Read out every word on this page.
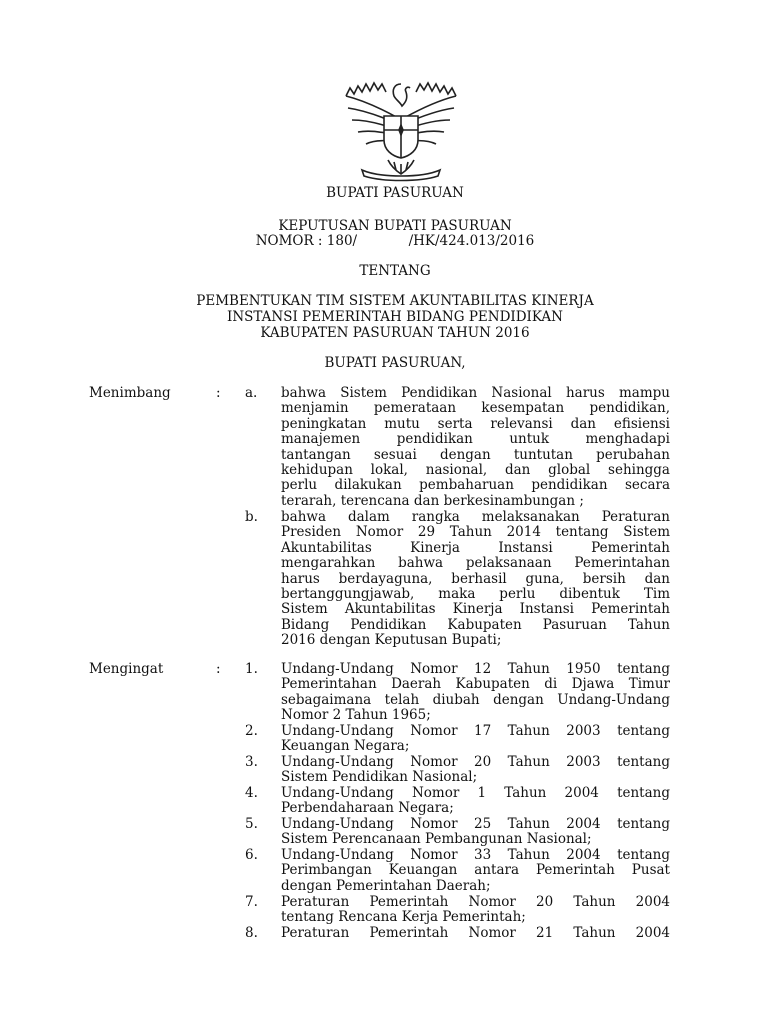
BUPATI PASURUAN
KEPUTUSAN BUPATI PASURUAN
NOMOR : 180/            /HK/424.013/2016
TENTANG
PEMBENTUKAN TIM SISTEM AKUNTABILITAS KINERJA
INSTANSI PEMERINTAH BIDANG PENDIDIKAN
KABUPATEN PASURUAN TAHUN 2016
BUPATI PASURUAN,
Menimbang	: a. bahwa Sistem Pendidikan Nasional harus mampu
menjamin pemerataan kesempatan pendidikan,
peningkatan mutu serta relevansi dan efisiensi
manajemen pendidikan untuk menghadapi
tantangan sesuai dengan tuntutan perubahan
kehidupan lokal, nasional, dan global sehingga
perlu dilakukan pembaharuan pendidikan secara
terarah, terencana dan berkesinambungan ;
b. bahwa dalam rangka melaksanakan Peraturan
Presiden Nomor 29 Tahun 2014 tentang Sistem
Akuntabilitas Kinerja Instansi Pemerintah
mengarahkan bahwa pelaksanaan Pemerintahan
harus berdayaguna, berhasil guna, bersih dan
bertanggungjawab, maka perlu dibentuk Tim
Sistem Akuntabilitas Kinerja Instansi Pemerintah
Bidang Pendidikan Kabupaten Pasuruan Tahun
2016 dengan Keputusan Bupati;
Mengingat	: 1. Undang-Undang Nomor 12 Tahun 1950 tentang
Pemerintahan Daerah Kabupaten di Djawa Timur
sebagaimana telah diubah dengan Undang-Undang
Nomor 2 Tahun 1965;
2. Undang-Undang Nomor 17 Tahun 2003 tentang
Keuangan Negara;
3. Undang-Undang Nomor 20 Tahun 2003 tentang
Sistem Pendidikan Nasional;
4. Undang-Undang Nomor 1 Tahun 2004 tentang
Perbendaharaan Negara;
5. Undang-Undang Nomor 25 Tahun 2004 tentang
Sistem Perencanaan Pembangunan Nasional;
6. Undang-Undang Nomor 33 Tahun 2004 tentang
Perimbangan Keuangan antara Pemerintah Pusat
dengan Pemerintahan Daerah;
7. Peraturan Pemerintah Nomor 20 Tahun 2004
tentang Rencana Kerja Pemerintah;
8. Peraturan Pemerintah Nomor 21 Tahun 2004
